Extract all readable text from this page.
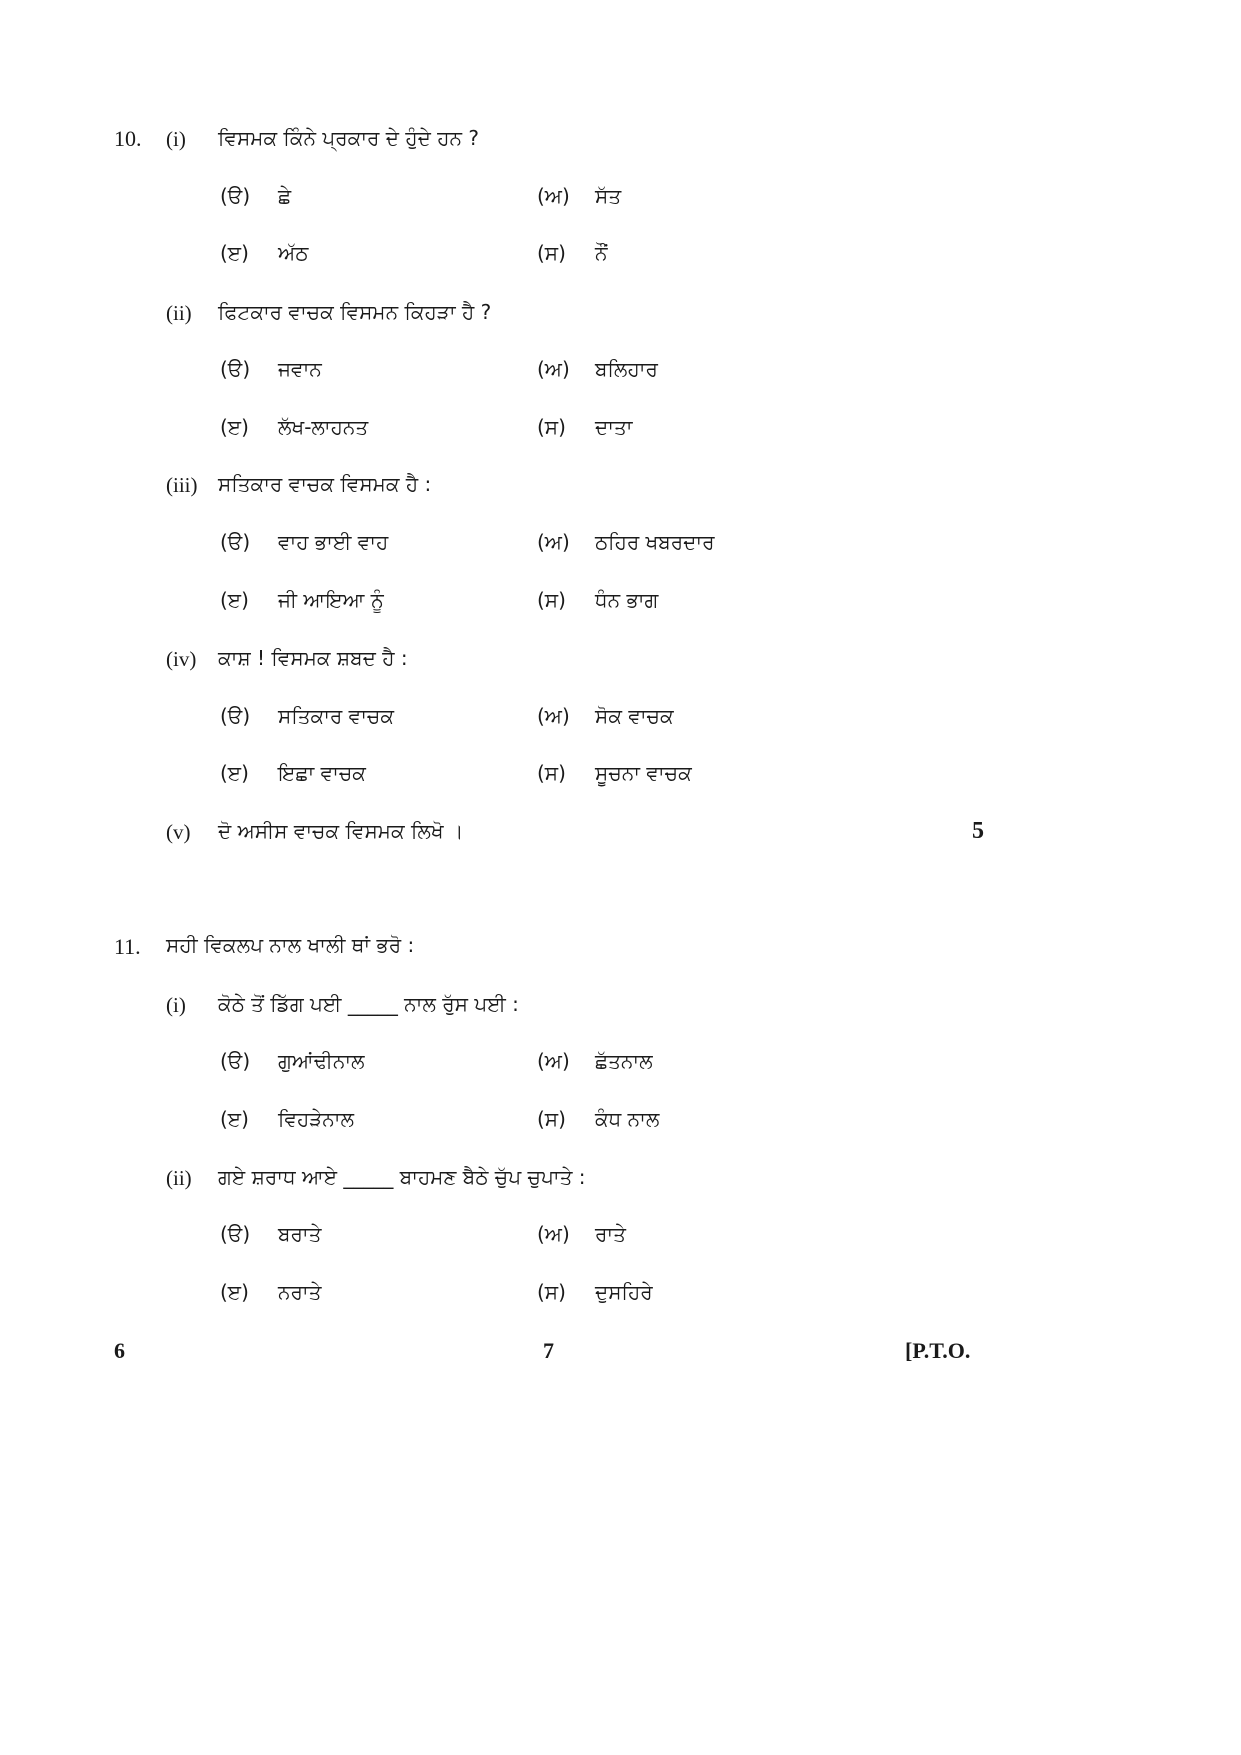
10. (i) ਵਿਸਮਕ ਕਿੰਨੇ ਪ੍ਰਕਾਰ ਦੇ ਹੁੰਦੇ ਹਨ ?
(ੳ) ਛੇ	(ਅ) ਸੱਤ
(ੲ) ਅੱਠ	(ਸ) ਨੌਂ
(ii) ਫਿਟਕਾਰ ਵਾਚਕ ਵਿਸਮਨ ਕਿਹੜਾ ਹੈ ?
(ੳ) ਜਵਾਨ	(ਅ) ਬਲਿਹਾਰ
(ੲ) ਲੱਖ-ਲਾਹਨਤ	(ਸ) ਦਾਤਾ
(iii) ਸਤਿਕਾਰ ਵਾਚਕ ਵਿਸਮਕ ਹੈ :
(ੳ) ਵਾਹ ਭਾਈ ਵਾਹ	(ਅ) ਠਹਿਰ ਖਬਰਦਾਰ
(ੲ) ਜੀ ਆਇਆ ਨੂੰ	(ਸ) ਧੰਨ ਭਾਗ
(iv) ਕਾਸ਼ ! ਵਿਸਮਕ ਸ਼ਬਦ ਹੈ :
(ੳ) ਸਤਿਕਾਰ ਵਾਚਕ	(ਅ) ਸੋਕ ਵਾਚਕ
(ੲ) ਇਛਾ ਵਾਚਕ	(ਸ) ਸੂਚਨਾ ਵਾਚਕ
(v) ਦੋ ਅਸੀਸ ਵਾਚਕ ਵਿਸਮਕ ਲਿਖੋ ।	5
11. ਸਹੀ ਵਿਕਲਪ ਨਾਲ ਖਾਲੀ ਥਾਂ ਭਰੋ :
(i) ਕੋਠੇ ਤੋਂ ਡਿੱਗ ਪਈ _____ ਨਾਲ ਰੁੱਸ ਪਈ :
(ੳ) ਗੁਆਂਢੀਨਾਲ	(ਅ) ਛੱਤਨਾਲ
(ੲ) ਵਿਹੜੇਨਾਲ	(ਸ) ਕੰਧ ਨਾਲ
(ii) ਗਏ ਸ਼ਰਾਧ ਆਏ _____ ਬਾਹਮਣ ਬੈਠੇ ਚੁੱਪ ਚੁਪਾਤੇ :
(ੳ) ਬਰਾਤੇ	(ਅ) ਰਾਤੇ
(ੲ) ਨਰਾਤੇ	(ਸ) ਦੁਸਹਿਰੇ
6	7	[P.T.O.
